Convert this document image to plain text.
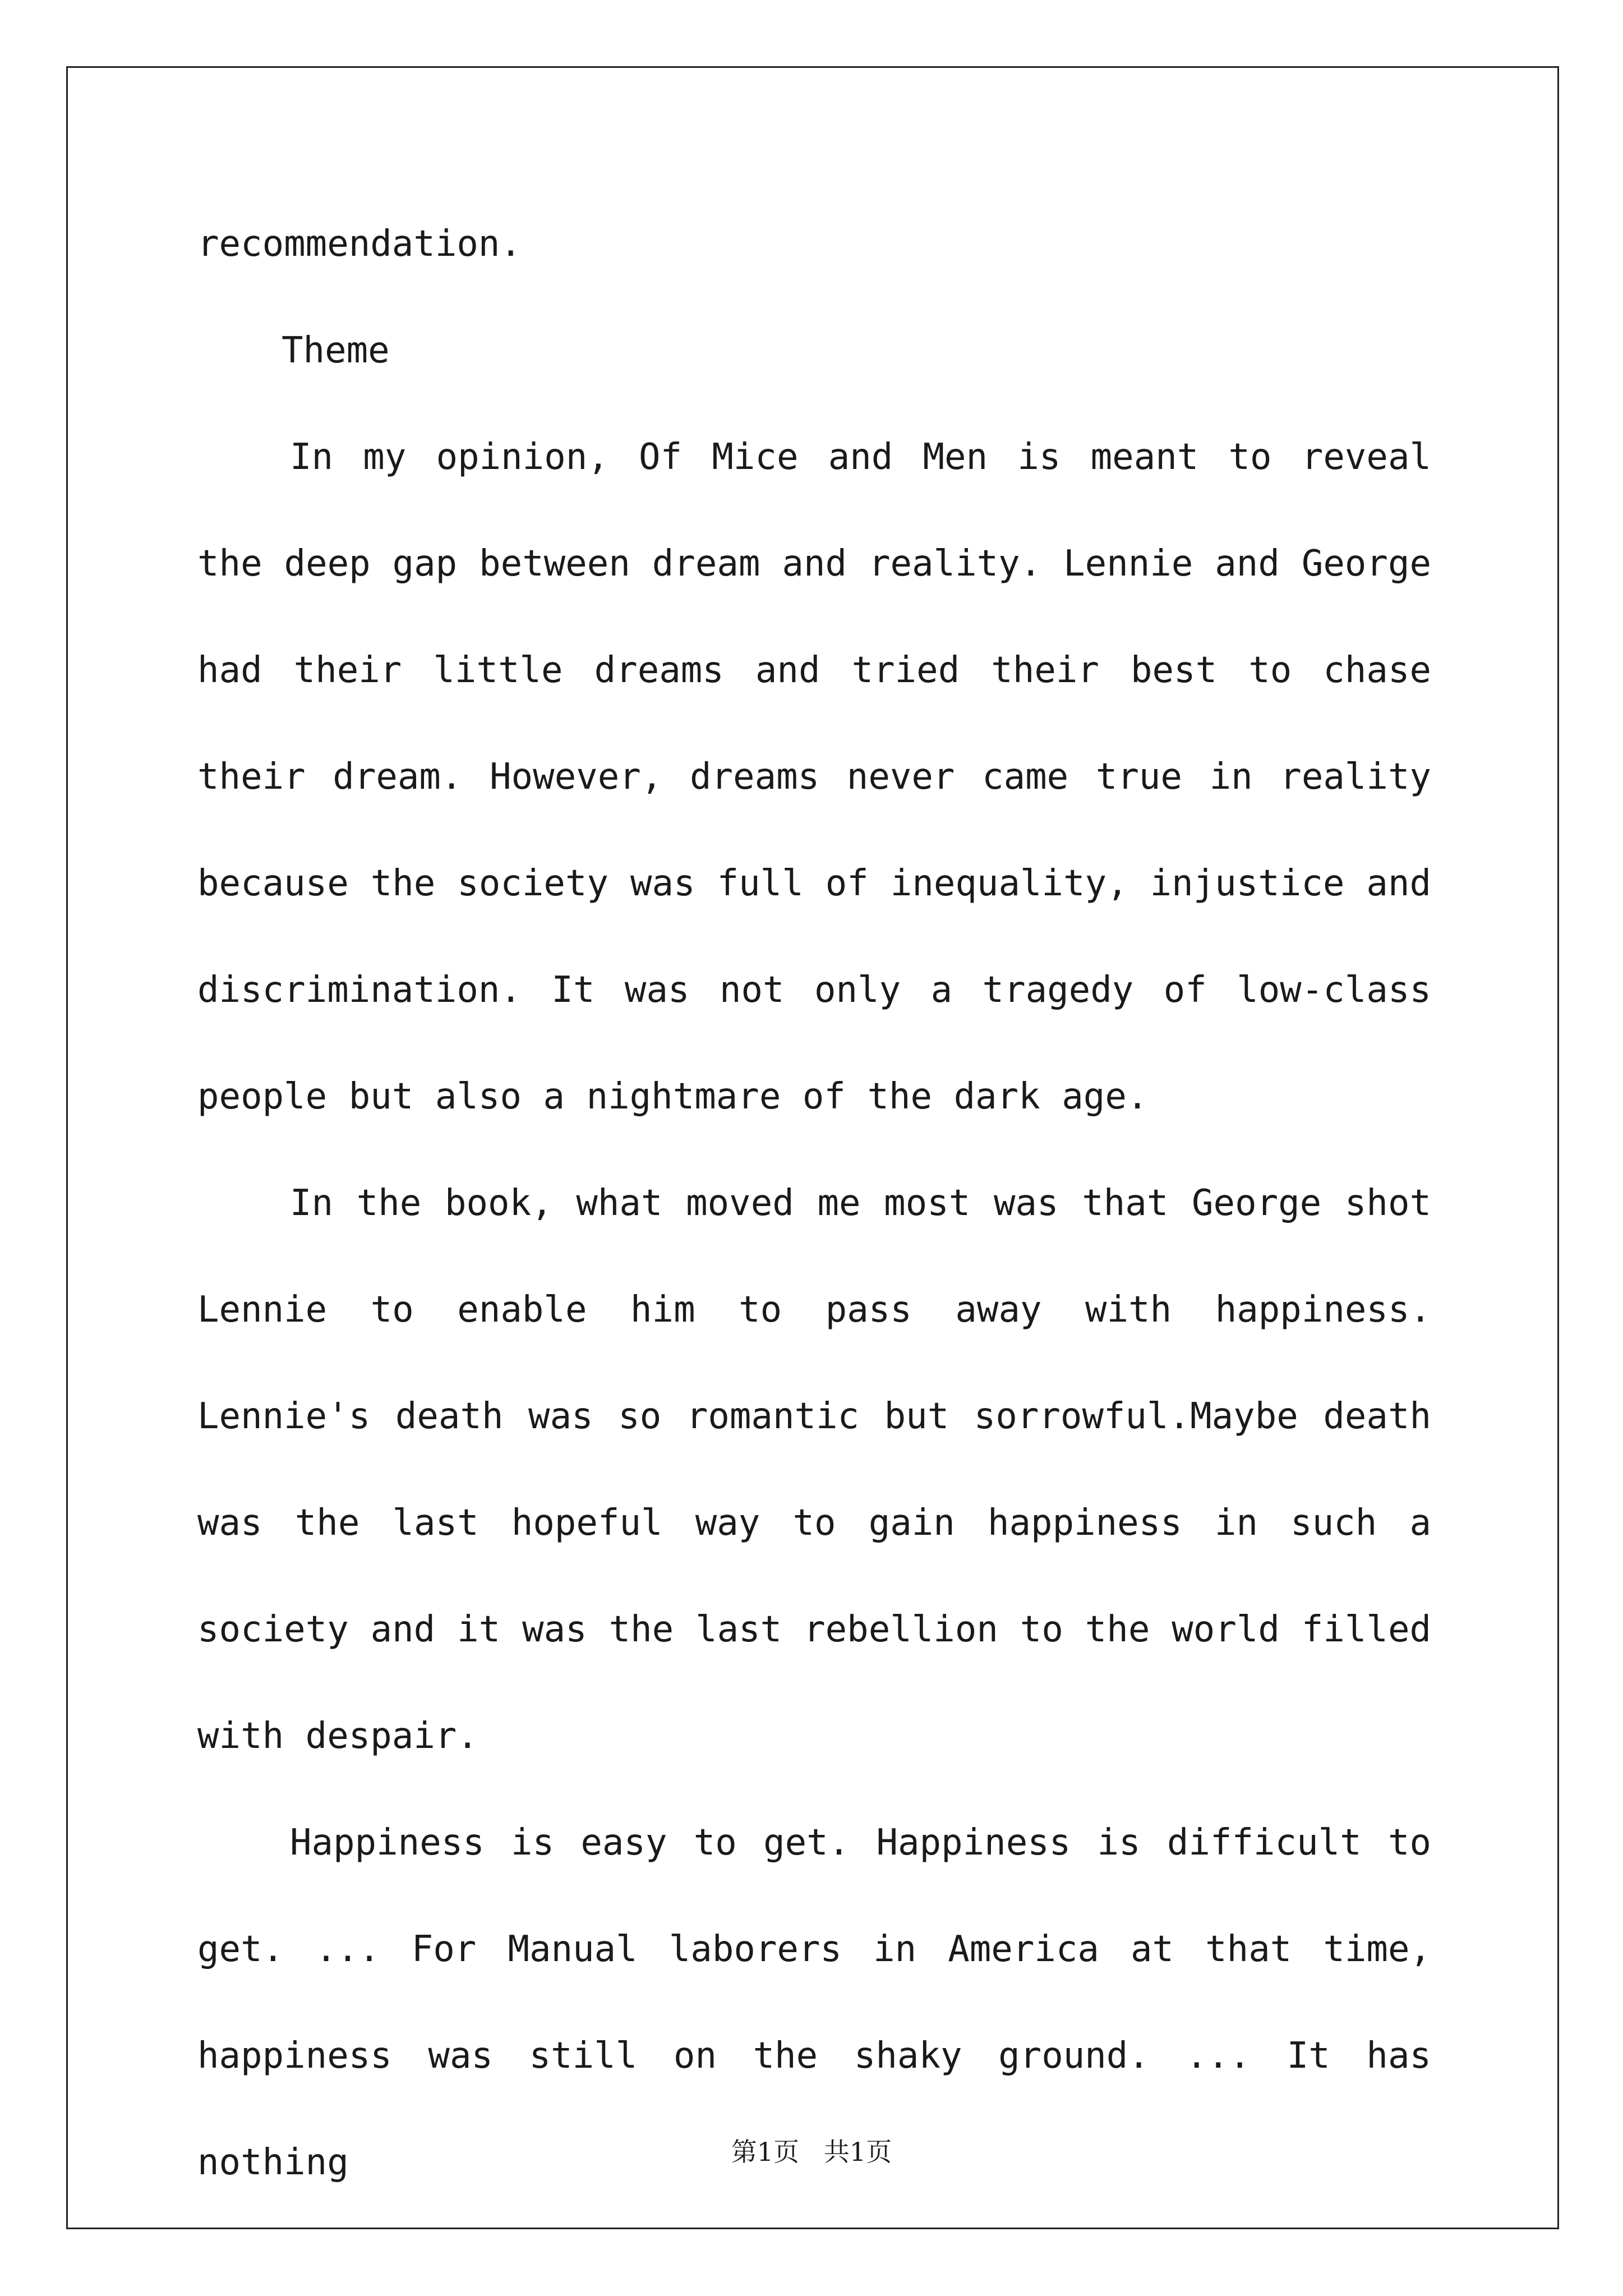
recommendation.

Theme

In my opinion, Of Mice and Men is meant to reveal the deep gap between dream and reality. Lennie and George had their little dreams and tried their best to chase their dream. However, dreams never came true in reality because the society was full of inequality, injustice and discrimination. It was not only a tragedy of low-class people but also a nightmare of the dark age.

In the book, what moved me most was that George shot Lennie to enable him to pass away with happiness. Lennie's death was so romantic but sorrowful.Maybe death was the last hopeful way to gain happiness in such a society and it was the last rebellion to the world filled with despair.

Happiness is easy to get. Happiness is difficult to get. ... For Manual laborers in America at that time, happiness was still on the shaky ground. ... It has nothing	第1页   共1页
